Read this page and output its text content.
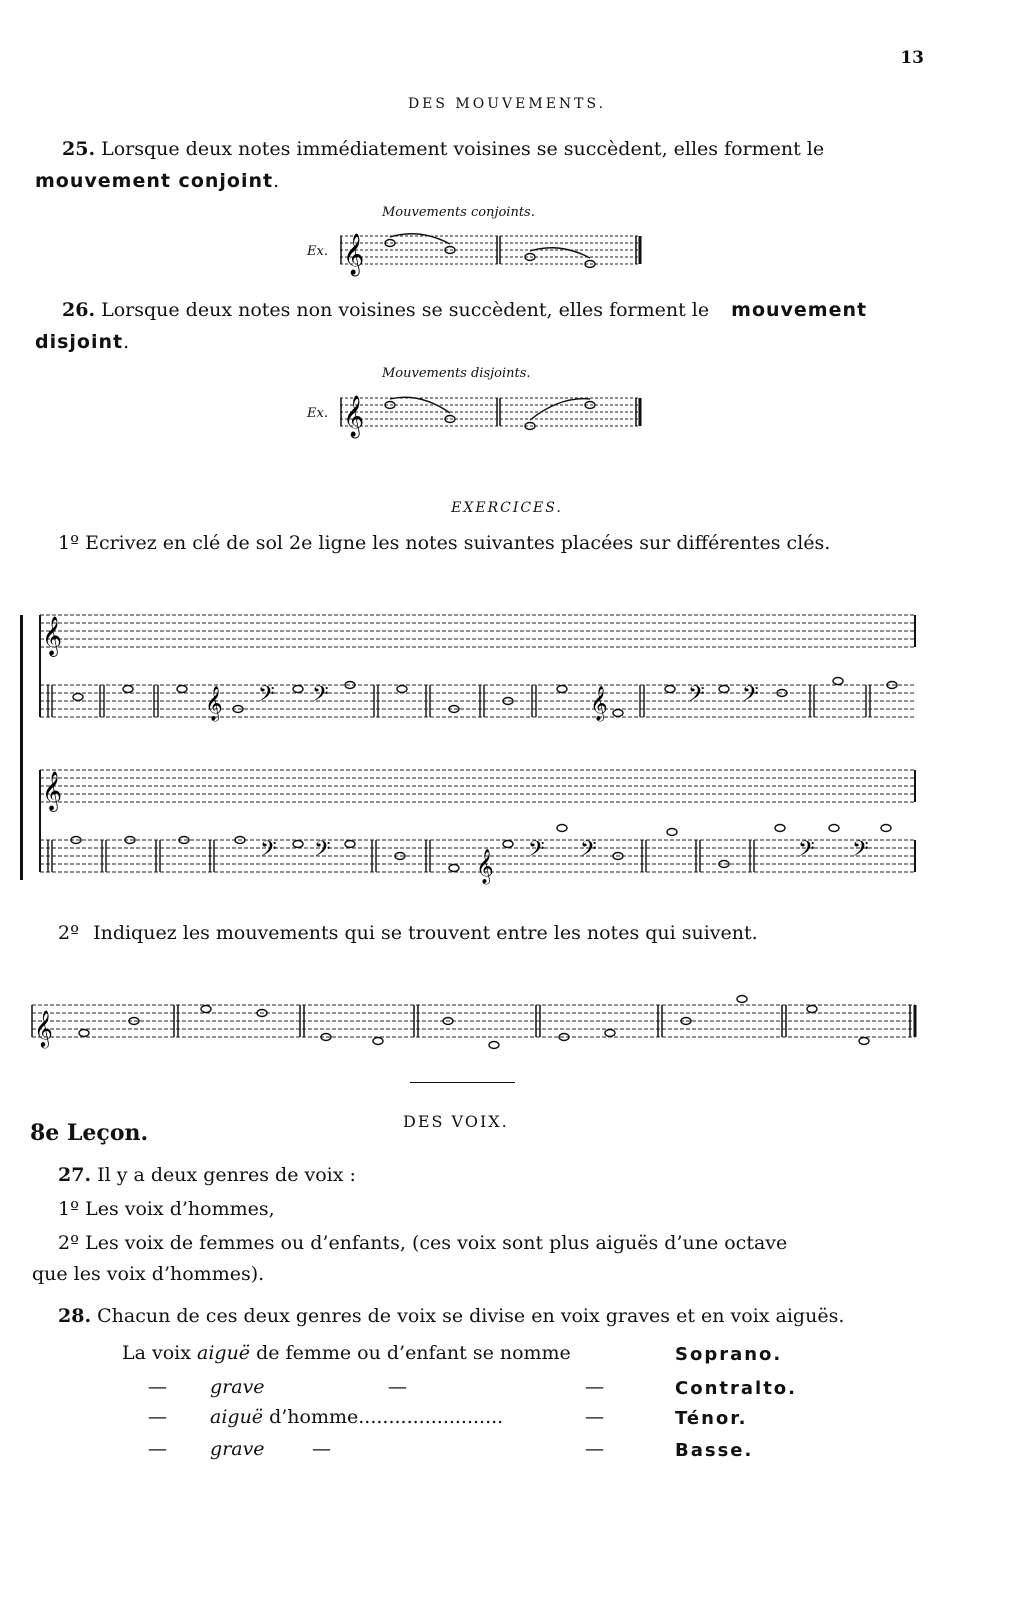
13
DES MOUVEMENTS.
25. Lorsque deux notes immédiatement voisines se succèdent, elles forment le
mouvement conjoint.
Mouvements conjoints.
Ex. 𝄞
26. Lorsque deux notes non voisines se succèdent, elles forment le mouvement
disjoint.
Mouvements disjoints.
Ex. 𝄞
EXERCICES.
1º Ecrivez en clé de sol 2e ligne les notes suivantes placées sur différentes clés.
𝄞
𝄞 𝄢 𝄢	𝄞	𝄢 𝄢
𝄞
𝄢 𝄢	𝄞 𝄢 𝄢	𝄢 𝄢
2º Indiquez les mouvements qui se trouvent entre les notes qui suivent.
𝄞
8e Leçon.	DES VOIX.
27. Il y a deux genres de voix :
1º Les voix d’hommes,
2º Les voix de femmes ou d’enfants, (ces voix sont plus aiguës d’une octave
que les voix d’hommes).
28. Chacun de ces deux genres de voix se divise en voix graves et en voix aiguës.
La voix aiguë de femme ou d’enfant se nomme	Soprano.
— grave	—	—	Contralto.
— aiguë d’homme........................	—	Ténor.
— grave —	—	Basse.
